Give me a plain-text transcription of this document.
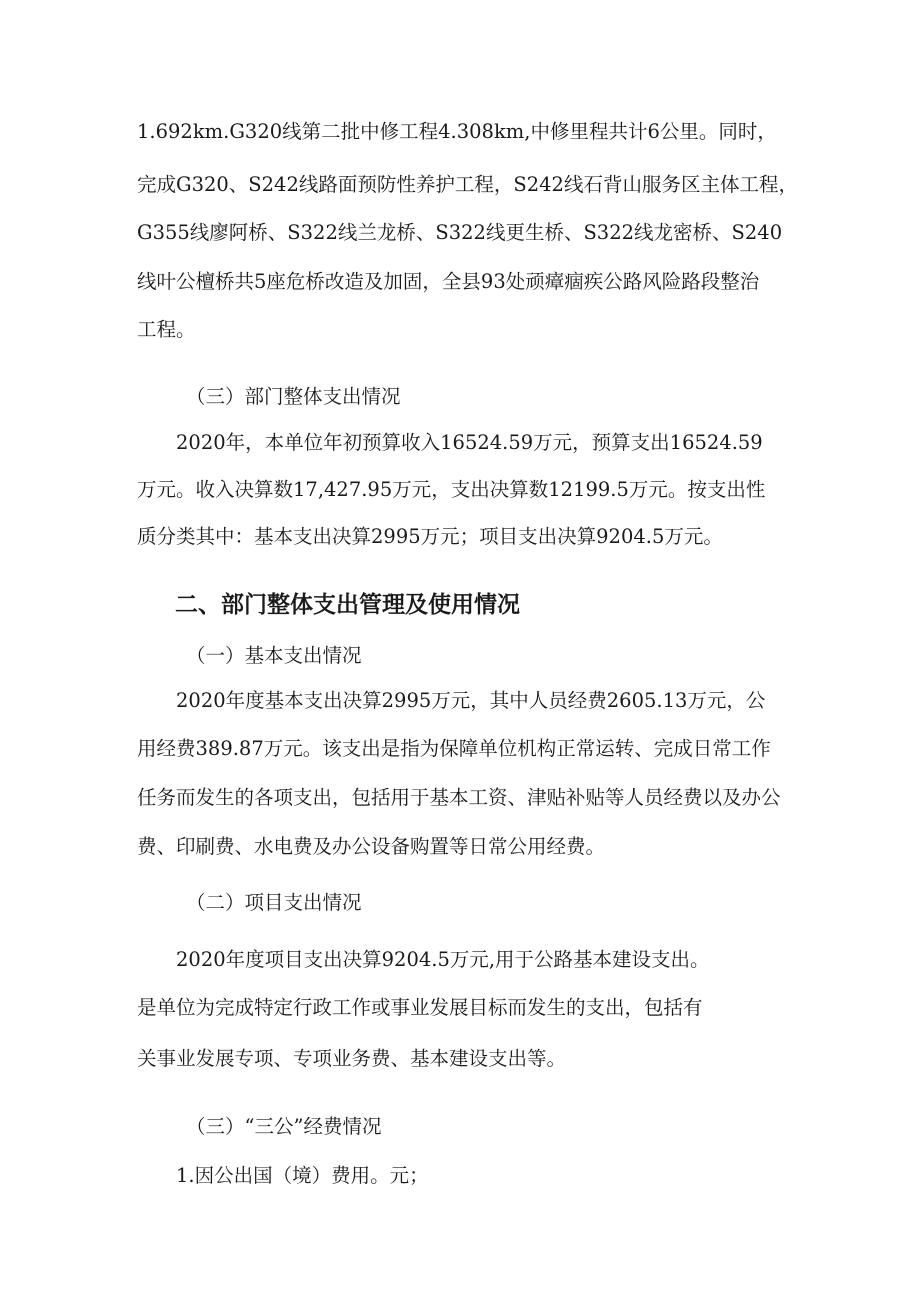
1.692km.G320线第二批中修工程4.308km,中修里程共计6公里。同时，
完成G320、S242线路面预防性养护工程，S242线石背山服务区主体工程，
G355线廖阿桥、S322线兰龙桥、S322线更生桥、S322线龙密桥、S240
线叶公檀桥共5座危桥改造及加固，全县93处顽瘴痼疾公路风险路段整治
工程。
（三）部门整体支出情况
2020年，本单位年初预算收入16524.59万元，预算支出16524.59
万元。收入决算数17,427.95万元，支出决算数12199.5万元。按支出性
质分类其中：基本支出决算2995万元；项目支出决算9204.5万元。
二、部门整体支出管理及使用情况
（一）基本支出情况
2020年度基本支出决算2995万元，其中人员经费2605.13万元，公
用经费389.87万元。该支出是指为保障单位机构正常运转、完成日常工作
任务而发生的各项支出，包括用于基本工资、津贴补贴等人员经费以及办公
费、印刷费、水电费及办公设备购置等日常公用经费。
（二）项目支出情况
2020年度项目支出决算9204.5万元,用于公路基本建设支出。
是单位为完成特定行政工作或事业发展目标而发生的支出，包括有
关事业发展专项、专项业务费、基本建设支出等。
（三）“三公”经费情况
1.因公出国（境）费用。元；
